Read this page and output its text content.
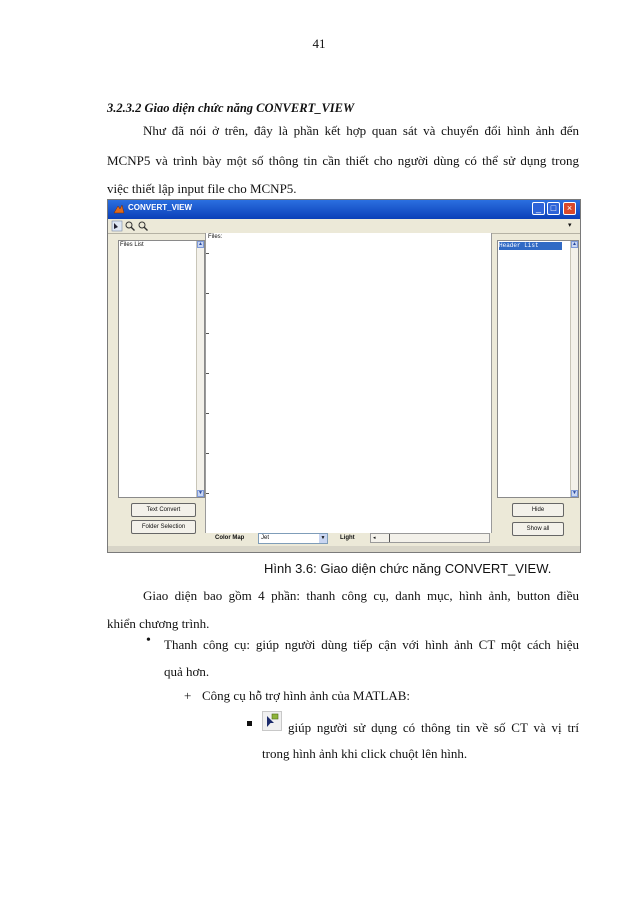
41
3.2.3.2 Giao diện chức năng CONVERT_VIEW
Như đã nói ở trên, đây là phần kết hợp quan sát và chuyển đổi hình ảnh đến
MCNP5 và trình bày một số thông tin cần thiết cho người dùng có thể sử dụng trong
việc thiết lập input file cho MCNP5.
CONVERT_VIEW	_	□	×
▾
Files List	▲
▼
Text Convert
Folder Selection
Files:
Header List	▲
▼
Hide
Show all
Color Map	Jet	▼ Light	◂
Hình 3.6: Giao diện chức năng CONVERT_VIEW.
Giao diện bao gồm 4 phần: thanh công cụ, danh mục, hình ảnh, button điều
khiển chương trình.
• Thanh công cụ: giúp người dùng tiếp cận với hình ảnh CT một cách hiệu
quả hơn.
+ Công cụ hỗ trợ hình ảnh của MATLAB:
giúp người sử dụng có thông tin về số CT và vị trí
trong hình ảnh khi click chuột lên hình.
